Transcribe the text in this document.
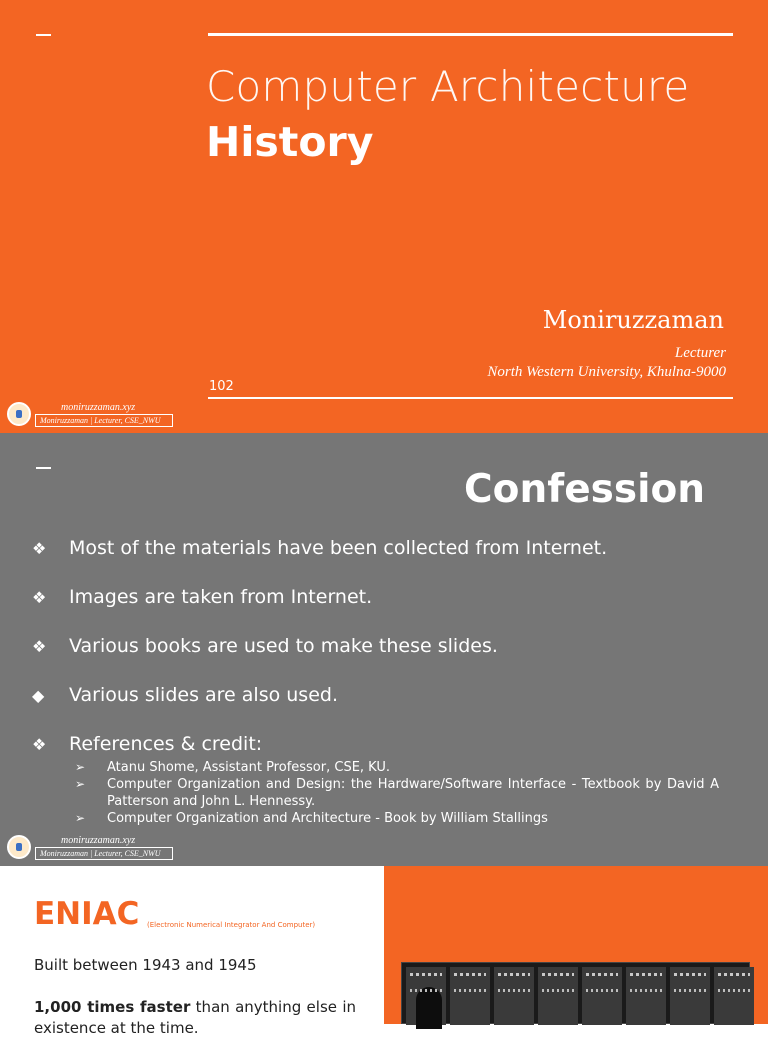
Computer Architecture
History
Moniruzzaman
Lecturer
North Western University, Khulna-9000
102
moniruzzaman.xyz
Moniruzzaman | Lecturer, CSE_NWU
Confession
❖ Most of the materials have been collected from Internet.
❖ Images are taken from Internet.
❖ Various books are used to make these slides.
◆ Various slides are also used.
❖ References & credit:
➢ Atanu Shome, Assistant Professor, CSE, KU.
➢ Computer Organization and Design: the Hardware/Software Interface - Textbook by David A Patterson and John L. Hennessy.
➢ Computer Organization and Architecture - Book by William Stallings
moniruzzaman.xyz
Moniruzzaman | Lecturer, CSE_NWU
ENIAC (Electronic Numerical Integrator And Computer)
Built between 1943 and 1945
1,000 times faster than anything else in existence at the time.
